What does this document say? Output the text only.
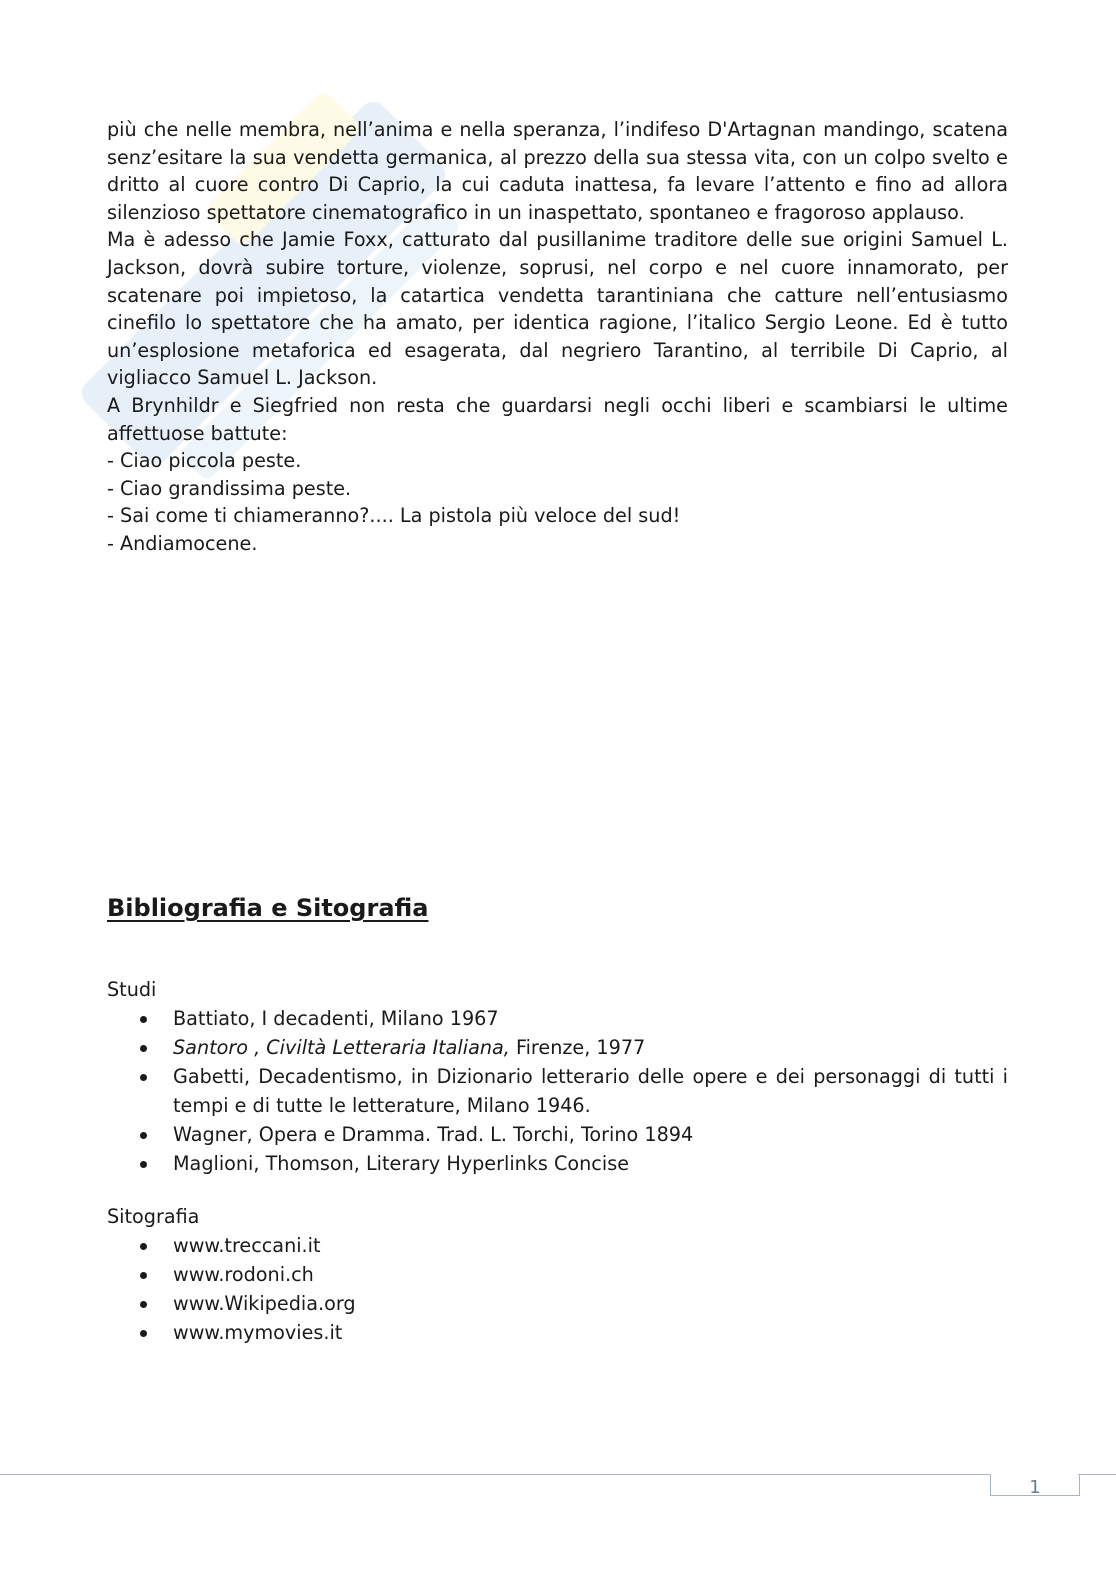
più che nelle membra, nell’anima e nella speranza, l’indifeso D'Artagnan mandingo, scatena senz’esitare la sua vendetta germanica, al prezzo della sua stessa vita, con un colpo svelto e dritto al cuore contro Di Caprio, la cui caduta inattesa, fa levare l’attento e fino ad allora silenzioso spettatore cinematografico in un inaspettato, spontaneo e fragoroso applauso.

Ma è adesso che Jamie Foxx, catturato dal pusillanime traditore delle sue origini Samuel L. Jackson, dovrà subire torture, violenze, soprusi, nel corpo e nel cuore innamorato, per scatenare poi impietoso, la catartica vendetta tarantiniana che catture nell’entusiasmo cinefilo lo spettatore che ha amato, per identica ragione, l’italico Sergio Leone. Ed è tutto un’esplosione metaforica ed esagerata, dal negriero Tarantino, al terribile Di Caprio, al vigliacco Samuel L. Jackson.

A Brynhildr e Siegfried non resta che guardarsi negli occhi liberi e scambiarsi le ultime affettuose battute:

- Ciao piccola peste.

- Ciao grandissima peste.

- Sai come ti chiameranno?.... La pistola più veloce del sud!

- Andiamocene.

Bibliografia e Sitografia

Studi

Battiato, I decadenti, Milano 1967
Santoro , Civiltà Letteraria Italiana, Firenze, 1977
Gabetti, Decadentismo, in Dizionario letterario delle opere e dei personaggi di tutti i tempi e di tutte le letterature, Milano 1946.
Wagner, Opera e Dramma. Trad. L. Torchi, Torino 1894
Maglioni, Thomson, Literary Hyperlinks Concise

Sitografia

www.treccani.it
www.rodoni.ch
www.Wikipedia.org
www.mymovies.it
1
